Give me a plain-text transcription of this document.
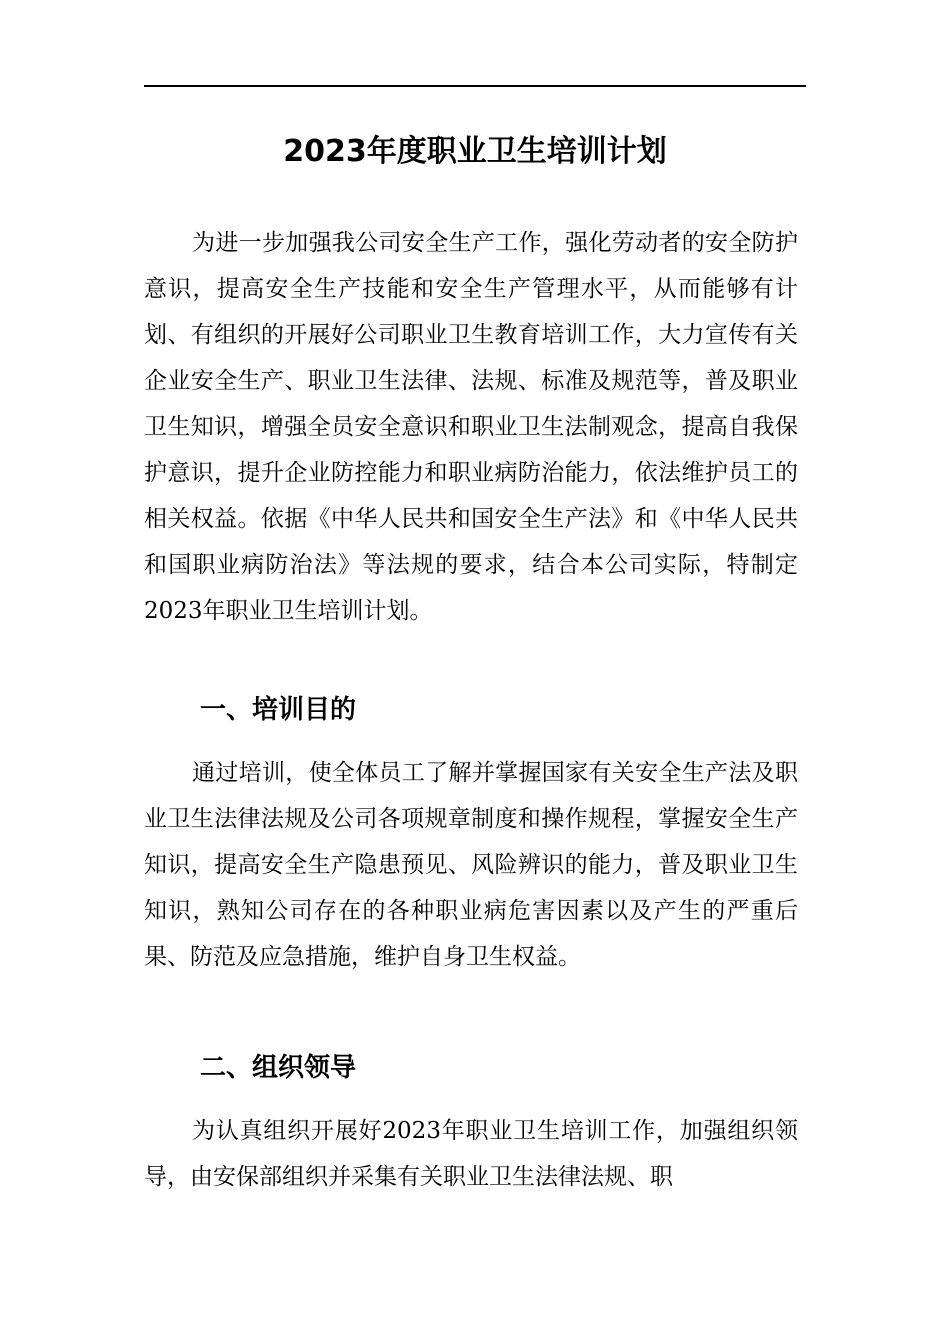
2023年度职业卫生培训计划

为进一步加强我公司安全生产工作，强化劳动者的安全防护意识，提高安全生产技能和安全生产管理水平，从而能够有计划、有组织的开展好公司职业卫生教育培训工作，大力宣传有关企业安全生产、职业卫生法律、法规、标准及规范等，普及职业卫生知识，增强全员安全意识和职业卫生法制观念，提高自我保护意识，提升企业防控能力和职业病防治能力，依法维护员工的相关权益。依据《中华人民共和国安全生产法》和《中华人民共和国职业病防治法》等法规的要求，结合本公司实际，特制定2023年职业卫生培训计划。

一、培训目的

通过培训，使全体员工了解并掌握国家有关安全生产法及职业卫生法律法规及公司各项规章制度和操作规程，掌握安全生产知识，提高安全生产隐患预见、风险辨识的能力，普及职业卫生知识，熟知公司存在的各种职业病危害因素以及产生的严重后果、防范及应急措施，维护自身卫生权益。

二、组织领导

为认真组织开展好2023年职业卫生培训工作，加强组织领导，由安保部组织并采集有关职业卫生法律法规、职
